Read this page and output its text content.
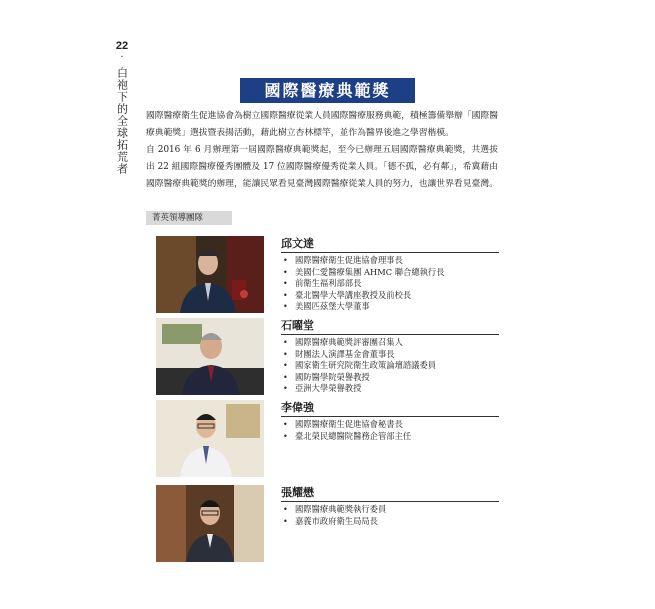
22
·
白袍下的全球拓荒者	國際醫療典範獎

國際醫療衛生促進協會為樹立國際醫療從業人員國際醫療服務典範，積極籌備舉辦「國際醫療典範獎」選拔暨表揚活動，藉此樹立杏林標竿，並作為醫界後進之學習楷模。

自 2016 年 6 月辦理第一屆國際醫療典範獎起，至今已辦理五屆國際醫療典範獎，共選拔出 22 組國際醫療優秀團體及 17 位國際醫療優秀從業人員。「德不孤，必有鄰」，希冀藉由國際醫療典範獎的辦理，能讓民眾看見臺灣國際醫療從業人員的努力，也讓世界看見臺灣。

菁英領導團隊
邱文達
• 國際醫療衛生促進協會理事長
• 美國仁愛醫療集團 AHMC 聯合總執行長
• 前衛生福利部部長
• 臺北醫學大學講座教授及前校長
• 美國匹茲堡大學董事
石曜堂
• 國際醫療典範獎評審團召集人
• 財團法人演譯基金會董事長
• 國家衛生研究院衛生政策論壇諮議委員
• 國防醫學院榮譽教授
• 亞洲大學榮譽教授
李偉強
• 國際醫療衛生促進協會秘書長
• 臺北榮民總醫院醫務企管部主任
張耀懋
• 國際醫療典範獎執行委員
• 嘉義市政府衛生局局長
